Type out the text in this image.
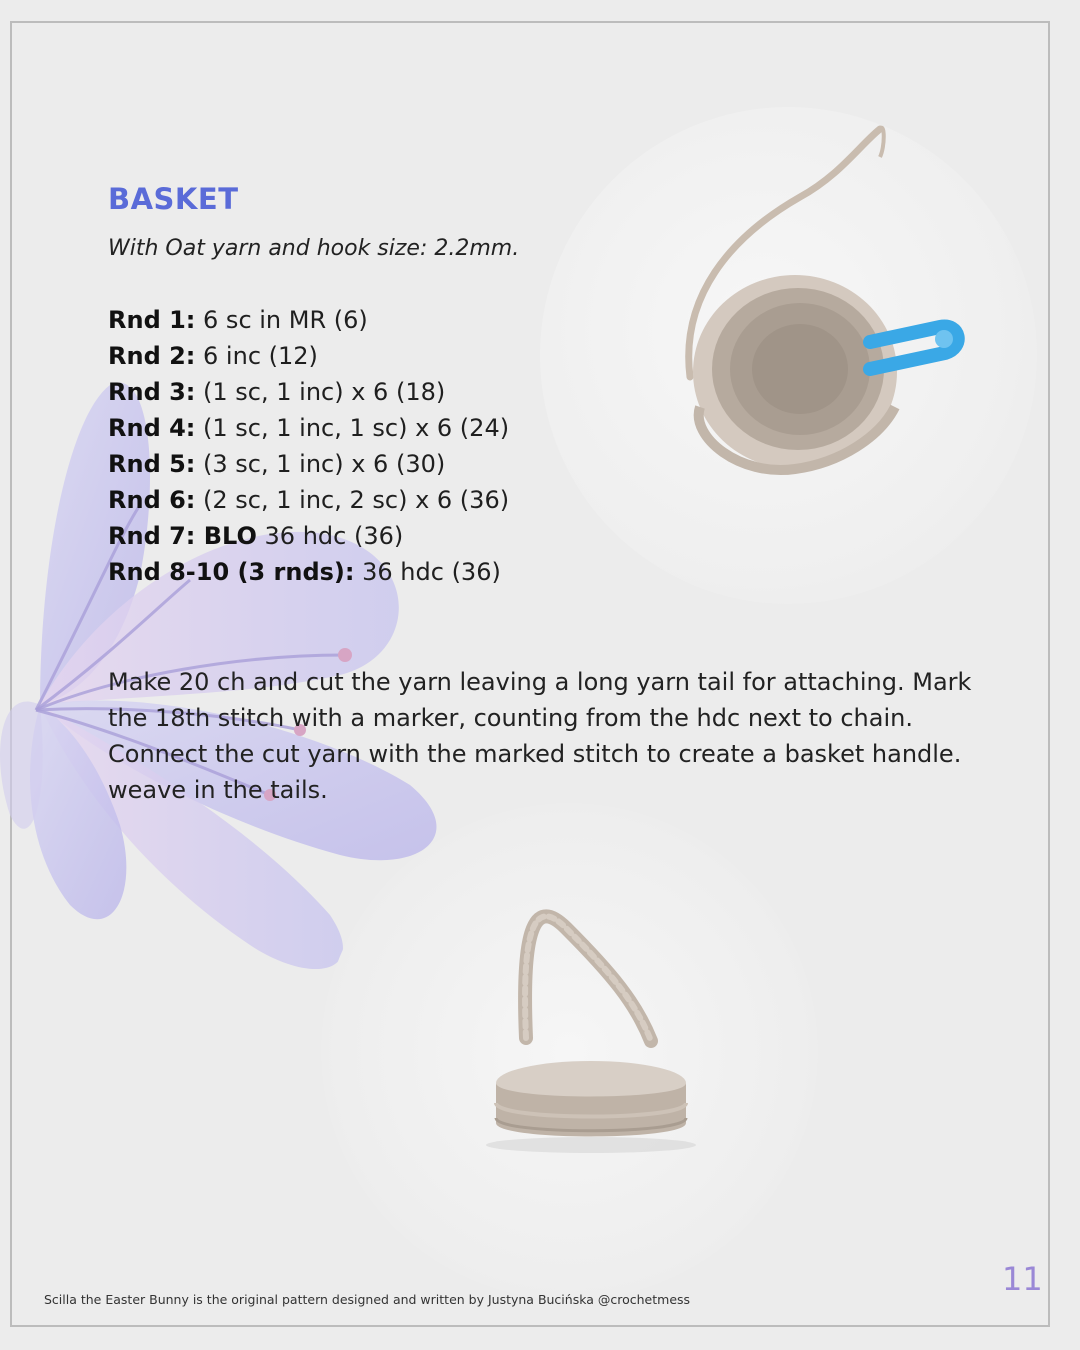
BASKET
With Oat yarn and hook size: 2.2mm.
Rnd 1: 6 sc in MR (6)
Rnd 2: 6 inc (12)
Rnd 3: (1 sc, 1 inc) x 6 (18)
Rnd 4: (1 sc, 1 inc, 1 sc) x 6 (24)
Rnd 5: (3 sc, 1 inc) x 6 (30)
Rnd 6: (2 sc, 1 inc, 2 sc) x 6 (36)
Rnd 7: BLO 36 hdc (36)
Rnd 8-10 (3 rnds): 36 hdc (36)

Make 20 ch and cut the yarn leaving a long yarn tail for attaching. Mark the 18th stitch with a marker, counting from the hdc next to chain. Connect the cut yarn with the marked stitch to create a basket handle. weave in the tails.

Scilla the Easter Bunny is the original pattern designed and written by Justyna Bucińska @crochetmess
11
